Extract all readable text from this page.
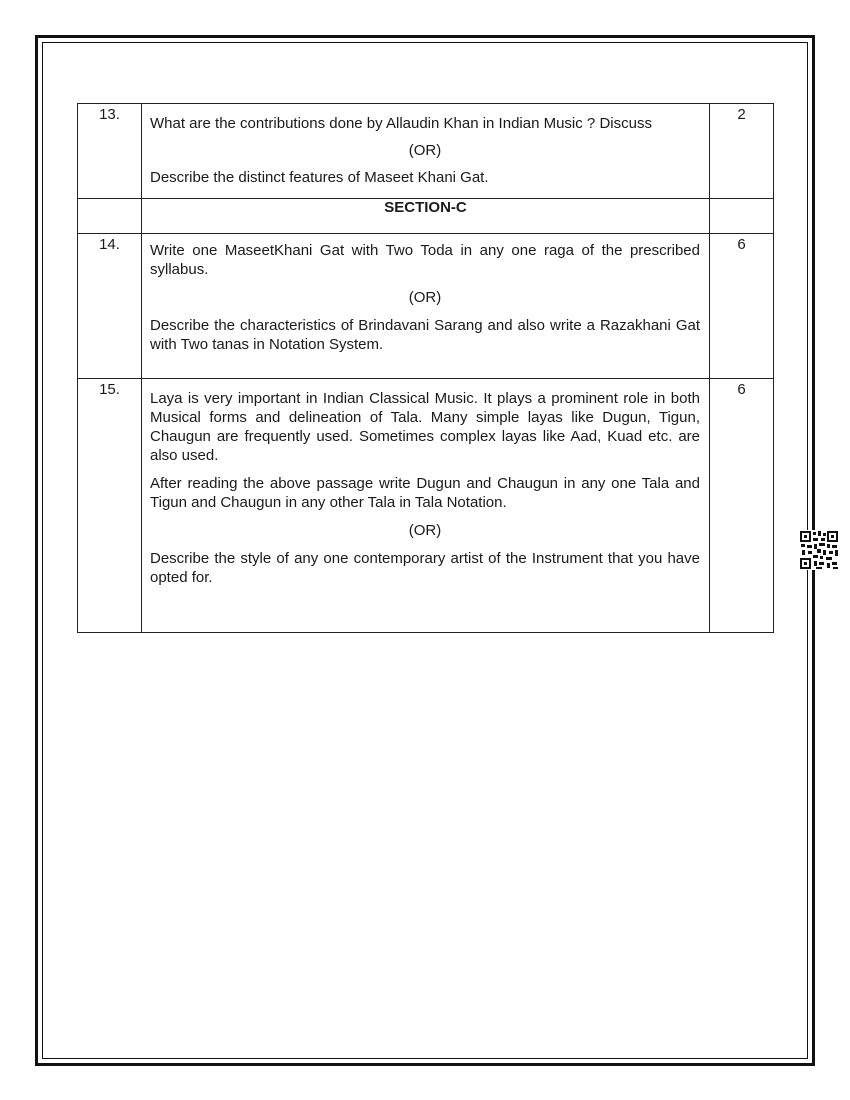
13.	What are the contributions done by Allaudin Khan in Indian Music ? Discuss

(OR)

Describe the distinct features of Maseet Khani Gat.	2
	SECTION-C	
14.	Write one MaseetKhani Gat with Two Toda in any one raga of the prescribed syllabus.

(OR)

Describe the characteristics of Brindavani Sarang and also write a Razakhani Gat with Two tanas in Notation System.	6
15.	Laya is very important in Indian Classical Music. It plays a prominent role in both Musical forms and delineation of Tala. Many simple layas like Dugun, Tigun, Chaugun are frequently used. Sometimes complex layas like Aad, Kuad etc. are also used.

After reading the above passage write Dugun and Chaugun in any one Tala and Tigun and Chaugun in any other Tala in Tala Notation.

(OR)

Describe the style of any one contemporary artist of the Instrument that you have opted for.	6
